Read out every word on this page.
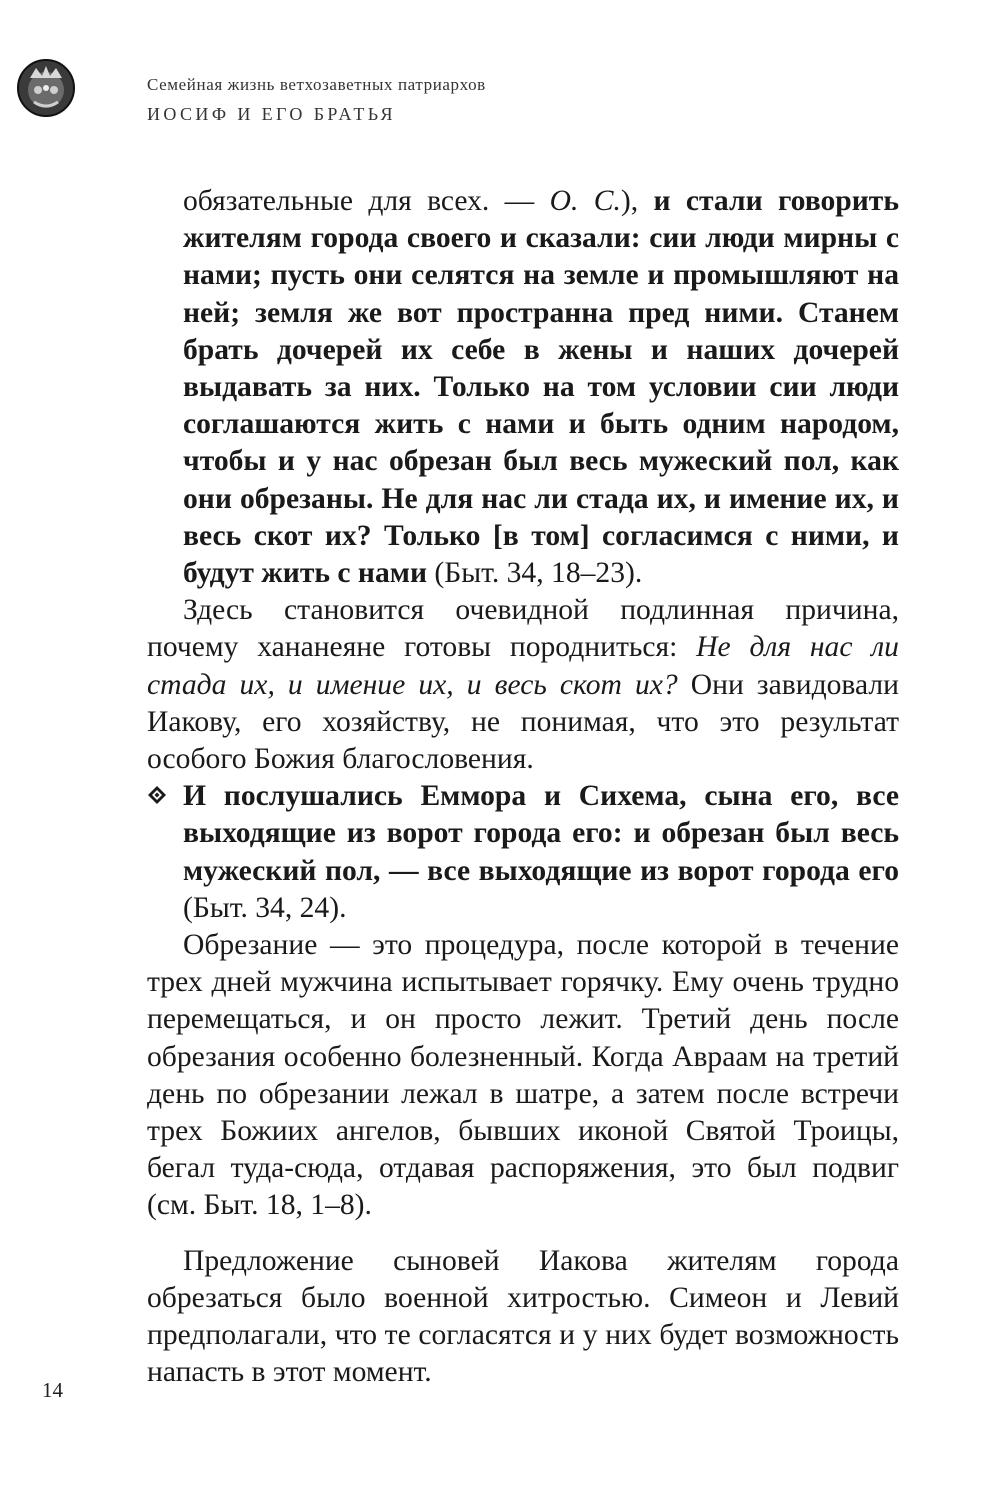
Семейная жизнь ветхозаветных патриархов
ИОСИФ И ЕГО БРАТЬЯ

обязательные для всех. — О. С.), и стали говорить жителям города своего и сказали: сии люди мирны с нами; пусть они селятся на земле и промышляют на ней; земля же вот пространна пред ними. Станем брать дочерей их себе в жены и наших дочерей выдавать за них. Только на том условии сии люди соглашаются жить с нами и быть одним народом, чтобы и у нас обрезан был весь мужеский пол, как они обрезаны. Не для нас ли стада их, и имение их, и весь скот их? Только [в том] согласимся с ними, и будут жить с нами (Быт. 34, 18–23).

Здесь становится очевидной подлинная причина, почему хананеяне готовы породниться: Не для нас ли стада их, и имение их, и весь скот их? Они завидовали Иакову, его хозяйству, не понимая, что это результат особого Божия благословения.

И послушались Еммора и Сихема, сына его, все выходящие из ворот города его: и обрезан был весь мужеский пол, — все выходящие из ворот города его (Быт. 34, 24).

Обрезание — это процедура, после которой в течение трех дней мужчина испытывает горячку. Ему очень трудно перемещаться, и он просто лежит. Третий день после обрезания особенно болезненный. Когда Авраам на третий день по обрезании лежал в шатре, а затем после встречи трех Божиих ангелов, бывших иконой Святой Троицы, бегал туда-сюда, отдавая распоряжения, это был подвиг (см. Быт. 18, 1–8).

Предложение сыновей Иакова жителям города обрезаться было военной хитростью. Симеон и Левий предполагали, что те согласятся и у них будет возможность напасть в этот момент.

14
